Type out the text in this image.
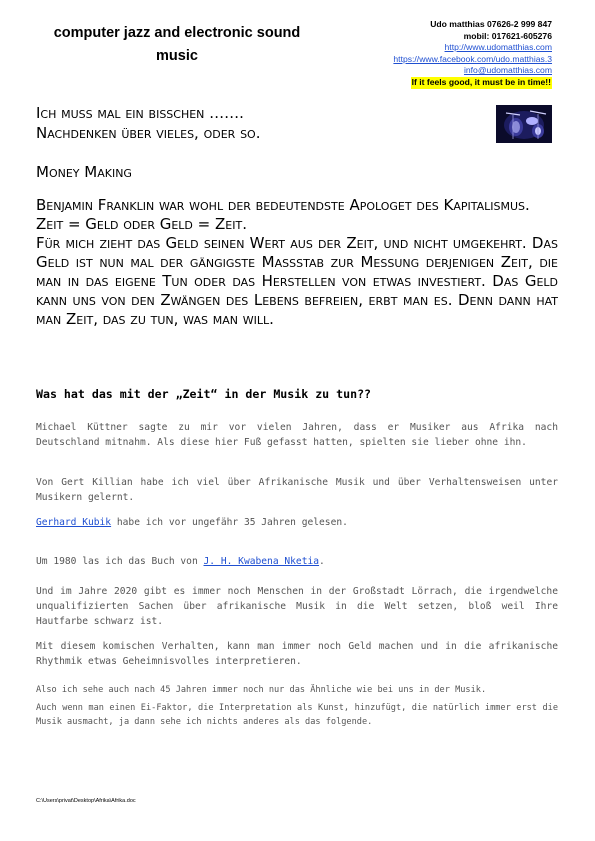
computer jazz and electronic sound music
Udo matthias 07626-2 999 847
mobil: 017621-605276
http://www.udomatthias.com
https://www.facebook.com/udo.matthias.3
info@udomatthias.com
If it feels good, it must be in time!!
Ich muss mal ein bisschen …….
Nachdenken über vieles, oder so.
Money Making

Benjamin Franklin war wohl der bedeutendste Apologet des Kapitalismus.

Zeit = Geld oder Geld = Zeit.

Für mich zieht das Geld seinen Wert aus der Zeit, und nicht umgekehrt. Das Geld ist nun mal der gängigste Maßstab zur Messung derjenigen Zeit, die man in das eigene Tun oder das Herstellen von etwas investiert. Das Geld kann uns von den Zwängen des Lebens befreien, erbt man es. Denn dann hat man Zeit, das zu tun, was man will.

Was hat das mit der „Zeit“ in der Musik zu tun??
Michael Küttner sagte zu mir vor vielen Jahren, dass er Musiker aus Afrika nach Deutschland mitnahm. Als diese hier Fuß gefasst hatten, spielten sie lieber ohne ihn.
Von Gert Killian habe ich viel über Afrikanische Musik und über Verhaltensweisen unter Musikern gelernt.
Gerhard Kubik habe ich vor ungefähr 35 Jahren gelesen.
Um 1980 las ich das Buch von J. H. Kwabena Nketia.
Und im Jahre 2020 gibt es immer noch Menschen in der Großstadt Lörrach, die irgendwelche unqualifizierten Sachen über afrikanische Musik in die Welt setzen, bloß weil Ihre Hautfarbe schwarz ist.
Mit diesem komischen Verhalten, kann man immer noch Geld machen und in die afrikanische Rhythmik etwas Geheimnisvolles interpretieren.
Also ich sehe auch nach 45 Jahren immer noch nur das Ähnliche wie bei uns in der Musik.
Auch wenn man einen Ei-Faktor, die Interpretation als Kunst, hinzufügt, die natürlich immer erst die Musik ausmacht, ja dann sehe ich nichts anderes als das folgende.
C:\Users\privat\Desktop\Afrika\Afrika.doc
